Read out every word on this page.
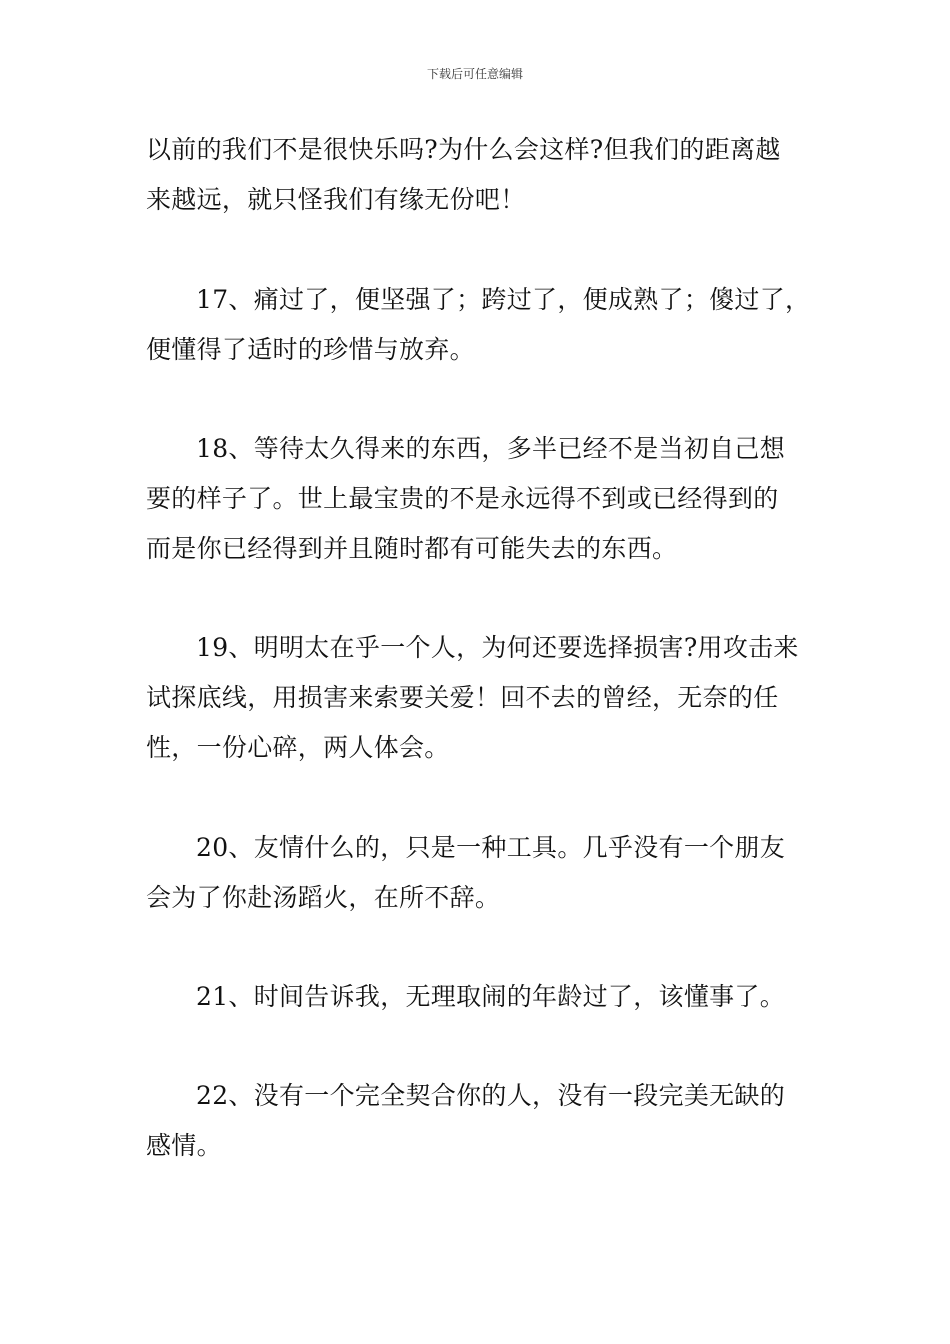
下载后可任意编辑
以前的我们不是很快乐吗?为什么会这样?但我们的距离越
来越远，就只怪我们有缘无份吧！
17、痛过了，便坚强了；跨过了，便成熟了；傻过了，
便懂得了适时的珍惜与放弃。
18、等待太久得来的东西，多半已经不是当初自己想
要的样子了。世上最宝贵的不是永远得不到或已经得到的
而是你已经得到并且随时都有可能失去的东西。
19、明明太在乎一个人，为何还要选择损害?用攻击来
试探底线，用损害来索要关爱！回不去的曾经，无奈的任
性，一份心碎，两人体会。
20、友情什么的，只是一种工具。几乎没有一个朋友
会为了你赴汤蹈火，在所不辞。
21、时间告诉我，无理取闹的年龄过了，该懂事了。
22、没有一个完全契合你的人，没有一段完美无缺的
感情。
